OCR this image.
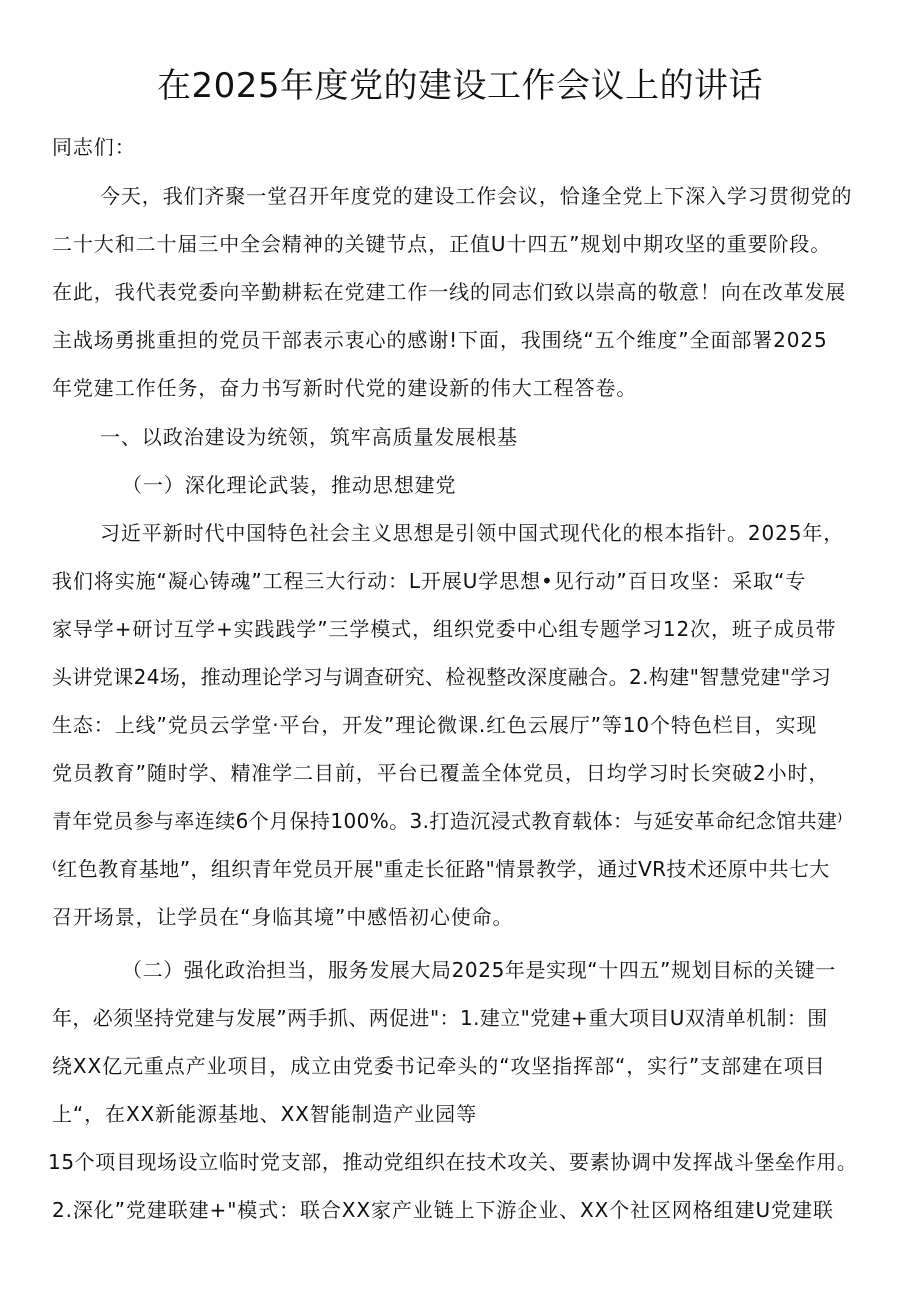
在2025年度党的建设工作会议上的讲话
同志们：
今天，我们齐聚一堂召开年度党的建设工作会议，恰逢全党上下深入学习贯彻党的
二十大和二十届三中全会精神的关键节点，正值U十四五”规划中期攻坚的重要阶段。
在此，我代表党委向辛勤耕耘在党建工作一线的同志们致以崇高的敬意！向在改革发展
主战场勇挑重担的党员干部表示衷心的感谢!下面，我围绕“五个维度”全面部署2025
年党建工作任务，奋力书写新时代党的建设新的伟大工程答卷。
一、以政治建设为统领，筑牢高质量发展根基
（一）深化理论武装，推动思想建党
习近平新时代中国特色社会主义思想是引领中国式现代化的根本指针。2025年，
我们将实施“凝心铸魂”工程三大行动：L开展U学思想•见行动”百日攻坚：采取“专
家导学+研讨互学+实践践学”三学模式，组织党委中心组专题学习12次，班子成员带
头讲党课24场，推动理论学习与调查研究、检视整改深度融合。2.构建"智慧党建"学习
生态：上线”党员云学堂·平台，开发”理论微课.红色云展厅”等10个特色栏目，实现
党员教育”随时学、精准学二目前，平台已覆盖全体党员，日均学习时长突破2小时，
青年党员参与率连续6个月保持100%。3.打造沉浸式教育载体：与延安革命纪念馆共建⁾
⁽红色教育基地”，组织青年党员开展"重走长征路"情景教学，通过VR技术还原中共七大
召开场景，让学员在“身临其境”中感悟初心使命。
（二）强化政治担当，服务发展大局2025年是实现“十四五”规划目标的关键一
年，必须坚持党建与发展”两手抓、两促进"：1.建立"党建+重大项目U双清单机制：围
绕XX亿元重点产业项目，成立由党委书记牵头的“攻坚指挥部“，实行”支部建在项目
上“，在XX新能源基地、XX智能制造产业园等
15个项目现场设立临时党支部，推动党组织在技术攻关、要素协调中发挥战斗堡垒作用。
2.深化”党建联建+"模式：联合XX家产业链上下游企业、XX个社区网格组建U党建联
